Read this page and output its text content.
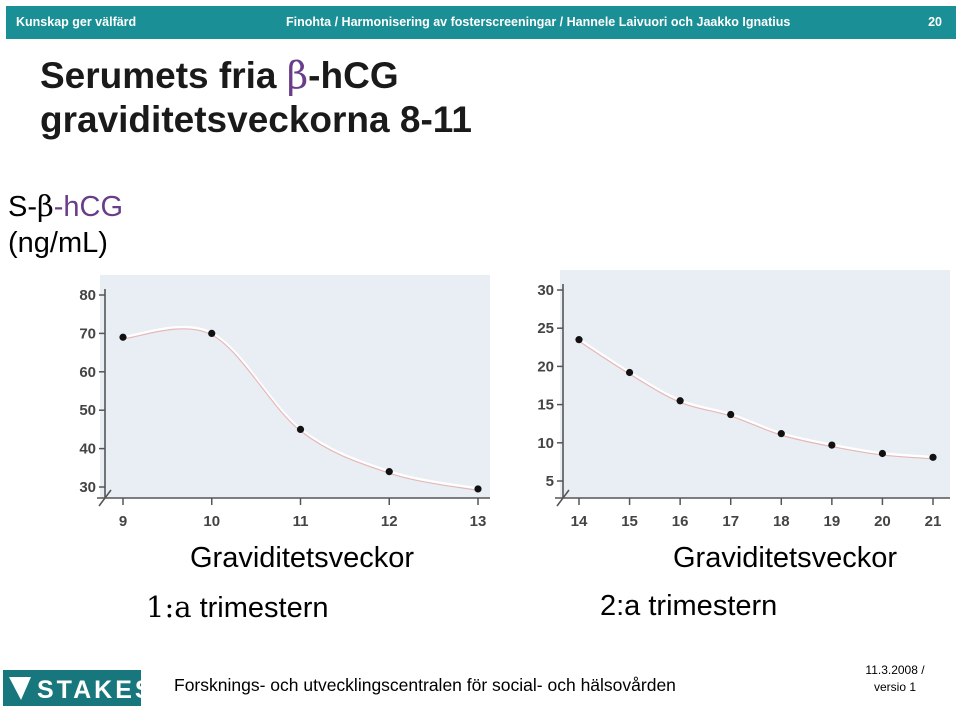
Kunskap ger välfärd	Finohta / Harmonisering av fosterscreeningar / Hannele Laivuori och Jaakko Ignatius	20
Serumets fria β-hCG
graviditetsveckorna 8-11
S-β-hCG
(ng/mL)
30
40
50
60
70
80
9	10	11	12	13
5
10
15
20
25
30
14 15 16 17 18 19 20 21
Graviditetsveckor
1:a trimestern
Graviditetsveckor
2:a trimestern
STAKES Forsknings- och utvecklingscentralen för social- och hälsovården
11.3.2008 /
versio 1
